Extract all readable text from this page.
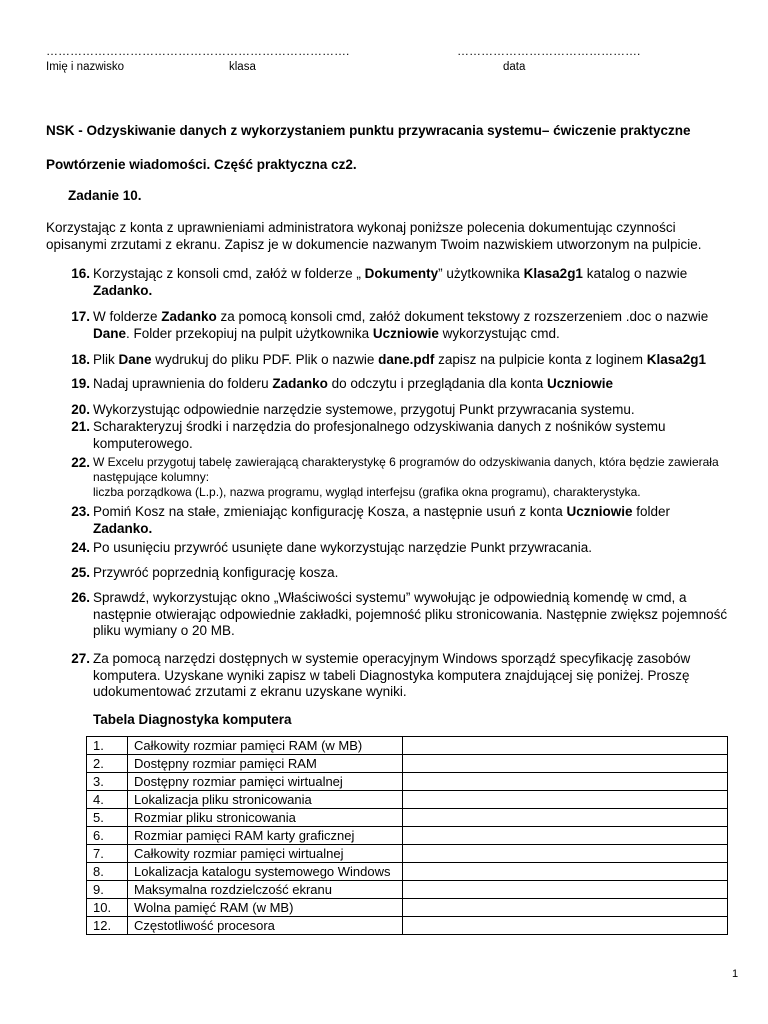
………………………………………………………………….	……………………………………….
Imię i nazwisko	klasa	data
NSK - Odzyskiwanie danych z wykorzystaniem punktu przywracania systemu– ćwiczenie praktyczne
Powtórzenie wiadomości. Część praktyczna cz2.
Zadanie 10.
Korzystając z konta z uprawnieniami administratora wykonaj poniższe polecenia dokumentując czynności opisanymi zrzutami z ekranu. Zapisz je w dokumencie nazwanym Twoim nazwiskiem utworzonym na pulpicie.
16. Korzystając z konsoli cmd, załóż w folderze „ Dokumenty” użytkownika Klasa2g1 katalog o nazwie Zadanko.
17. W folderze Zadanko za pomocą konsoli cmd, załóż dokument tekstowy z rozszerzeniem .doc o nazwie Dane. Folder przekopiuj na pulpit użytkownika Uczniowie wykorzystując cmd.
18. Plik Dane wydrukuj do pliku PDF. Plik o nazwie dane.pdf zapisz na pulpicie konta z loginem Klasa2g1
19. Nadaj uprawnienia do folderu Zadanko do odczytu i przeglądania dla konta Uczniowie
20. Wykorzystując odpowiednie narzędzie systemowe, przygotuj Punkt przywracania systemu.
21. Scharakteryzuj środki i narzędzia do profesjonalnego odzyskiwania danych z nośników systemu komputerowego.
22. W Excelu przygotuj tabelę zawierającą charakterystykę 6 programów do odzyskiwania danych, która będzie zawierała następujące kolumny:
liczba porządkowa (L.p.), nazwa programu, wygląd interfejsu (grafika okna programu), charakterystyka.
23. Pomiń Kosz na stałe, zmieniając konfigurację Kosza, a następnie usuń z konta Uczniowie folder Zadanko.
24. Po usunięciu przywróć usunięte dane wykorzystując narzędzie Punkt przywracania.
25. Przywróć poprzednią konfigurację kosza.
26. Sprawdź, wykorzystując okno „Właściwości systemu” wywołując je odpowiednią komendę w cmd, a następnie otwierając odpowiednie zakładki, pojemność pliku stronicowania. Następnie zwiększ pojemność pliku wymiany o 20 MB.
27. Za pomocą narzędzi dostępnych w systemie operacyjnym Windows sporządź specyfikację zasobów komputera. Uzyskane wyniki zapisz w tabeli Diagnostyka komputera znajdującej się poniżej. Proszę udokumentować zrzutami z ekranu uzyskane wyniki.
Tabela Diagnostyka komputera
1.	Całkowity rozmiar pamięci RAM (w MB)	
2.	Dostępny rozmiar pamięci RAM	
3.	Dostępny rozmiar pamięci wirtualnej	
4.	Lokalizacja pliku stronicowania	
5.	Rozmiar pliku stronicowania	
6.	Rozmiar pamięci RAM karty graficznej	
7.	Całkowity rozmiar pamięci wirtualnej	
8.	Lokalizacja katalogu systemowego Windows	
9.	Maksymalna rozdzielczość ekranu	
10.	Wolna pamięć RAM (w MB)	
12.	Częstotliwość procesora	
1
